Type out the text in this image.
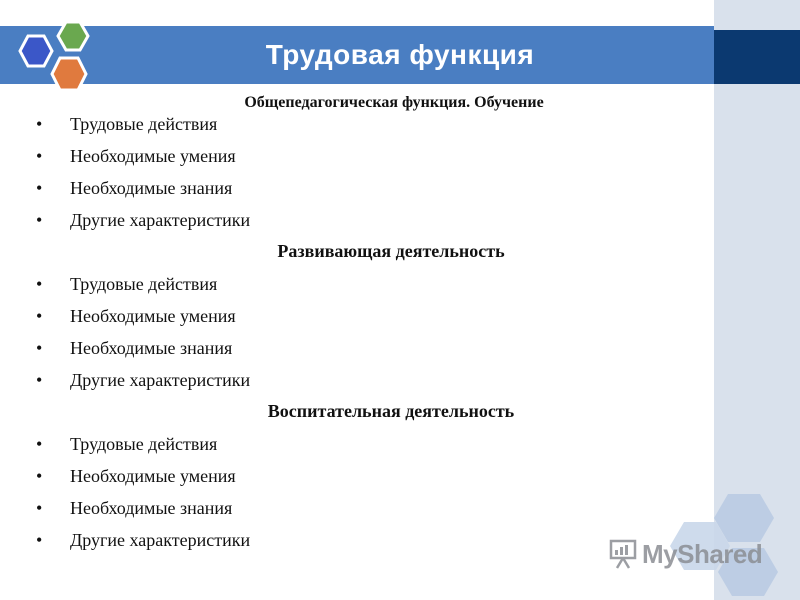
Трудовая функция
Общепедагогическая функция. Обучение
• Трудовые действия
• Необходимые умения
• Необходимые знания
• Другие характеристики
Развивающая деятельность
• Трудовые действия
• Необходимые умения
• Необходимые знания
• Другие характеристики
Воспитательная деятельность
• Трудовые действия
• Необходимые умения
• Необходимые знания
• Другие характеристики	MyShared
